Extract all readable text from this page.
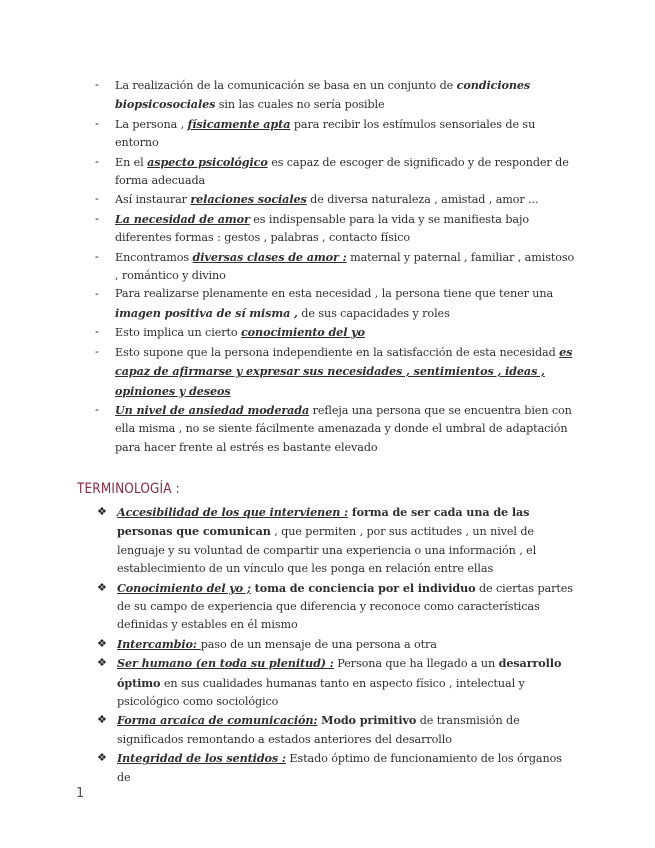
-	La realización de la comunicación se basa en un conjunto de condiciones biopsicosociales sin las cuales no sería posible
-	La persona , físicamente apta para recibir los estímulos sensoriales de su entorno
-	En el aspecto psicológico es capaz de escoger de significado y de responder de forma adecuada
-	Así instaurar relaciones sociales de diversa naturaleza , amistad , amor ...
-	La necesidad de amor es indispensable para la vida y se manifiesta bajo diferentes formas : gestos , palabras , contacto físico
-	Encontramos diversas clases de amor : maternal y paternal , familiar , amistoso , romántico y divino
-	Para realizarse plenamente en esta necesidad , la persona tiene que tener una imagen positiva de sí misma , de sus capacidades y roles
-	Esto implica un cierto conocimiento del yo
-	Esto supone que la persona independiente en la satisfacción de esta necesidad es capaz de afirmarse y expresar sus necesidades , sentimientos , ideas , opiniones y deseos
-	Un nivel de ansiedad moderada refleja una persona que se encuentra bien con ella misma , no se siente fácilmente amenazada y donde el umbral de adaptación para hacer frente al estrés es bastante elevado
TERMINOLOGÍA :
❖ Accesibilidad de los que intervienen : forma de ser cada una de las personas que comunican , que permiten , por sus actitudes , un nivel de lenguaje y su voluntad de compartir una experiencia o una información , el establecimiento de un vínculo que les ponga en relación entre ellas
❖ Conocimiento del yo ; toma de conciencia por el individuo de ciertas partes de su campo de experiencia que diferencia y reconoce como características definidas y estables en él mismo
❖ Intercambio: paso de un mensaje de una persona a otra
❖ Ser humano (en toda su plenitud) : Persona que ha llegado a un desarrollo óptimo en sus cualidades humanas tanto en aspecto físico , intelectual y psicológico como sociológico
❖ Forma arcaica de comunicación: Modo primitivo de transmisión de significados remontando a estados anteriores del desarrollo
❖ Integridad de los sentidos : Estado óptimo de funcionamiento de los órganos de
1
